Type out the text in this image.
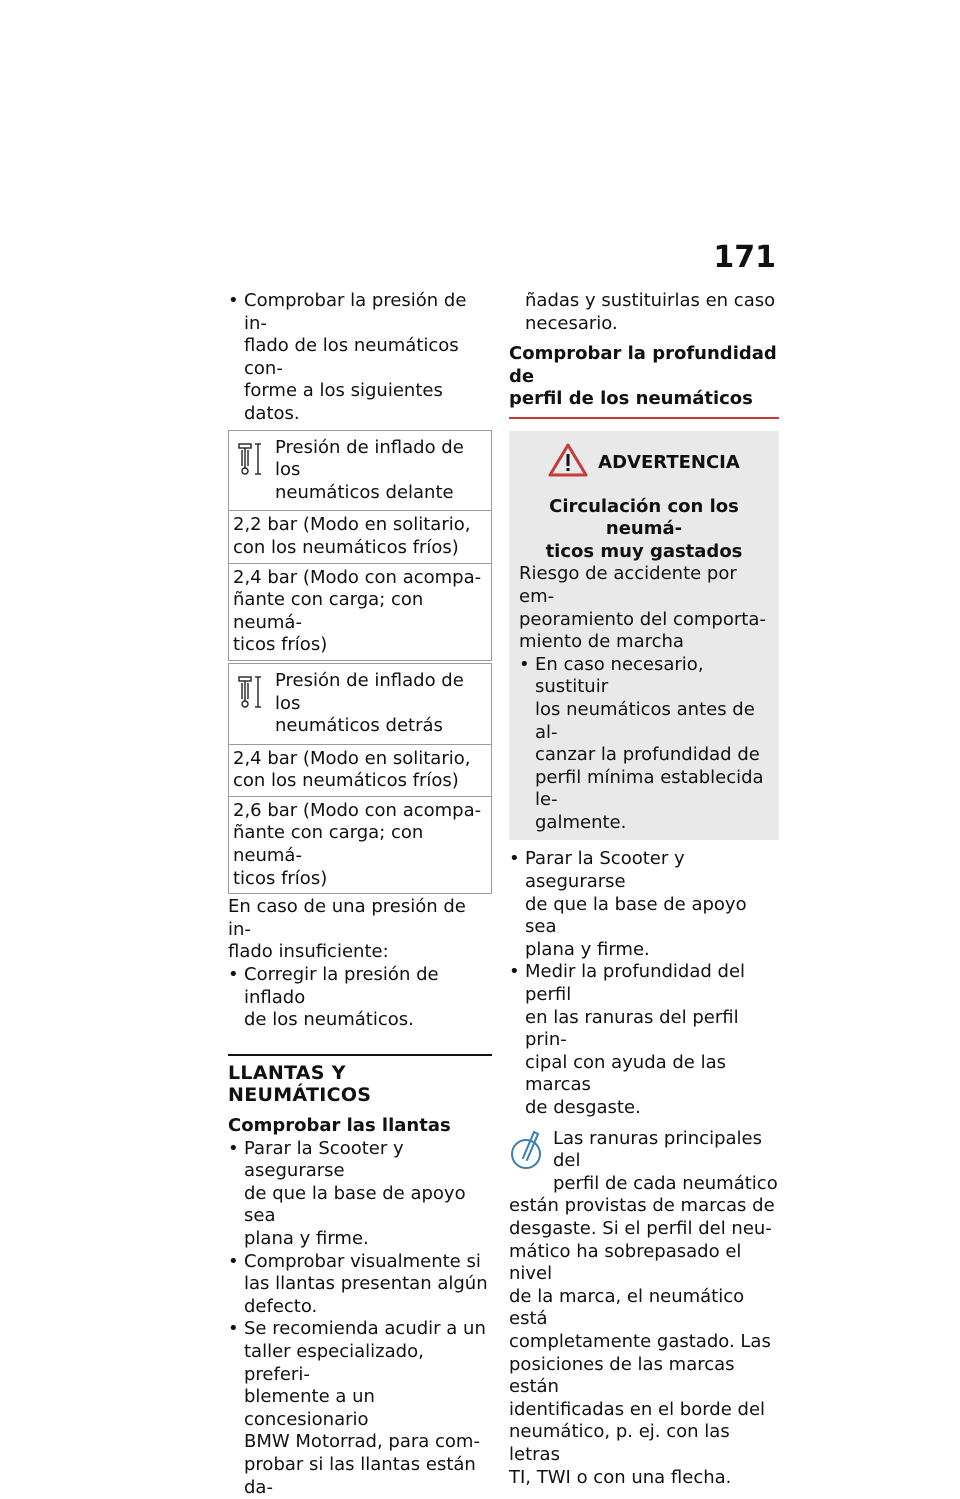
171
• Comprobar la presión de in-
flado de los neumáticos con-
forme a los siguientes datos.
Presión de inflado de los
neumáticos delante
2,2 bar (Modo en solitario,
con los neumáticos fríos)
2,4 bar (Modo con acompa-
ñante con carga; con neumá-
ticos fríos)
Presión de inflado de los
neumáticos detrás
2,4 bar (Modo en solitario,
con los neumáticos fríos)
2,6 bar (Modo con acompa-
ñante con carga; con neumá-
ticos fríos)
En caso de una presión de in-
flado insuficiente:
• Corregir la presión de inflado
de los neumáticos.
LLANTAS Y NEUMÁTICOS
Comprobar las llantas
• Parar la Scooter y asegurarse
de que la base de apoyo sea
plana y firme.
• Comprobar visualmente si
las llantas presentan algún
defecto.
• Se recomienda acudir a un
taller especializado, preferi-
blemente a un concesionario
BMW Motorrad, para com-
probar si las llantas están da-
ñadas y sustituirlas en caso
necesario.
Comprobar la profundidad de
perfil de los neumáticos
ADVERTENCIA
Circulación con los neumá-
ticos muy gastados
Riesgo de accidente por em-
peoramiento del comporta-
miento de marcha
• En caso necesario, sustituir
los neumáticos antes de al-
canzar la profundidad de
perfil mínima establecida le-
galmente.
• Parar la Scooter y asegurarse
de que la base de apoyo sea
plana y firme.
• Medir la profundidad del perfil
en las ranuras del perfil prin-
cipal con ayuda de las marcas
de desgaste.
Las ranuras principales del
perfil de cada neumático
están provistas de marcas de
desgaste. Si el perfil del neu-
mático ha sobrepasado el nivel
de la marca, el neumático está
completamente gastado. Las
posiciones de las marcas están
identificadas en el borde del
neumático, p. ej. con las letras
TI, TWI o con una flecha.
